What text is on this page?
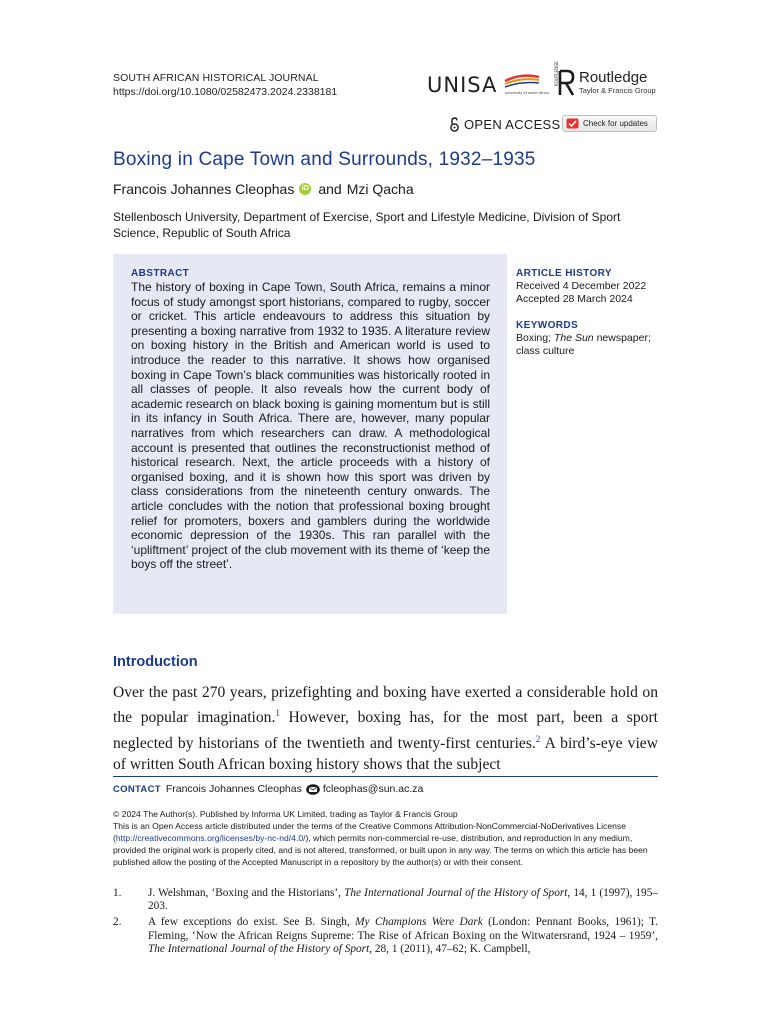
SOUTH AFRICAN HISTORICAL JOURNAL
https://doi.org/10.1080/02582473.2024.2338181	UNISA university of south africa
ROUTLEDGE Routledge
Taylor & Francis Group
OPEN ACCESS	Check for updates
Boxing in Cape Town and Surrounds, 1932–1935
Francois Johannes Cleophas	iD and Mzi Qacha
Stellenbosch University, Department of Exercise, Sport and Lifestyle Medicine, Division of Sport Science, Republic of South Africa
ABSTRACT
The history of boxing in Cape Town, South Africa, remains a minor focus of study amongst sport historians, compared to rugby, soccer or cricket. This article endeavours to address this situation by presenting a boxing narrative from 1932 to 1935. A literature review on boxing history in the British and American world is used to introduce the reader to this narrative. It shows how organised boxing in Cape Town’s black communities was historically rooted in all classes of people. It also reveals how the current body of academic research on black boxing is gaining momentum but is still in its infancy in South Africa. There are, however, many popular narratives from which researchers can draw. A methodological account is presented that outlines the reconstructionist method of historical research. Next, the article proceeds with a history of organised boxing, and it is shown how this sport was driven by class considerations from the nineteenth century onwards. The article concludes with the notion that professional boxing brought relief for promoters, boxers and gamblers during the worldwide economic depression of the 1930s. This ran parallel with the ‘upliftment’ project of the club movement with its theme of ‘keep the boys off the street’.
ARTICLE HISTORY
Received 4 December 2022
Accepted 28 March 2024
KEYWORDS
Boxing; The Sun newspaper; class culture
Introduction
Over the past 270 years, prizefighting and boxing have exerted a considerable hold on the popular imagination.$^1$ However, boxing has, for the most part, been a sport neglected by historians of the twentieth and twenty-first centuries.$^2$ A bird’s-eye view of written South African boxing history shows that the subject
CONTACT Francois Johannes Cleophas fcleophas@sun.ac.za
© 2024 The Author(s). Published by Informa UK Limited, trading as Taylor & Francis Group
This is an Open Access article distributed under the terms of the Creative Commons Attribution-NonCommercial-NoDerivatives License (http://creativecommons.org/licenses/by-nc-nd/4.0/), which permits non-commercial re-use, distribution, and reproduction in any medium, provided the original work is properly cited, and is not altered, transformed, or built upon in any way. The terms on which this article has been published allow the posting of the Accepted Manuscript in a repository by the author(s) or with their consent.
1.	J. Welshman, ‘Boxing and the Historians’, The International Journal of the History of Sport, 14, 1 (1997), 195–203.
2.	A few exceptions do exist. See B. Singh, My Champions Were Dark (London: Pennant Books, 1961); T. Fleming, ‘Now the African Reigns Supreme: The Rise of African Boxing on the Witwatersrand, 1924 – 1959’, The International Journal of the History of Sport, 28, 1 (2011), 47–62; K. Campbell,
